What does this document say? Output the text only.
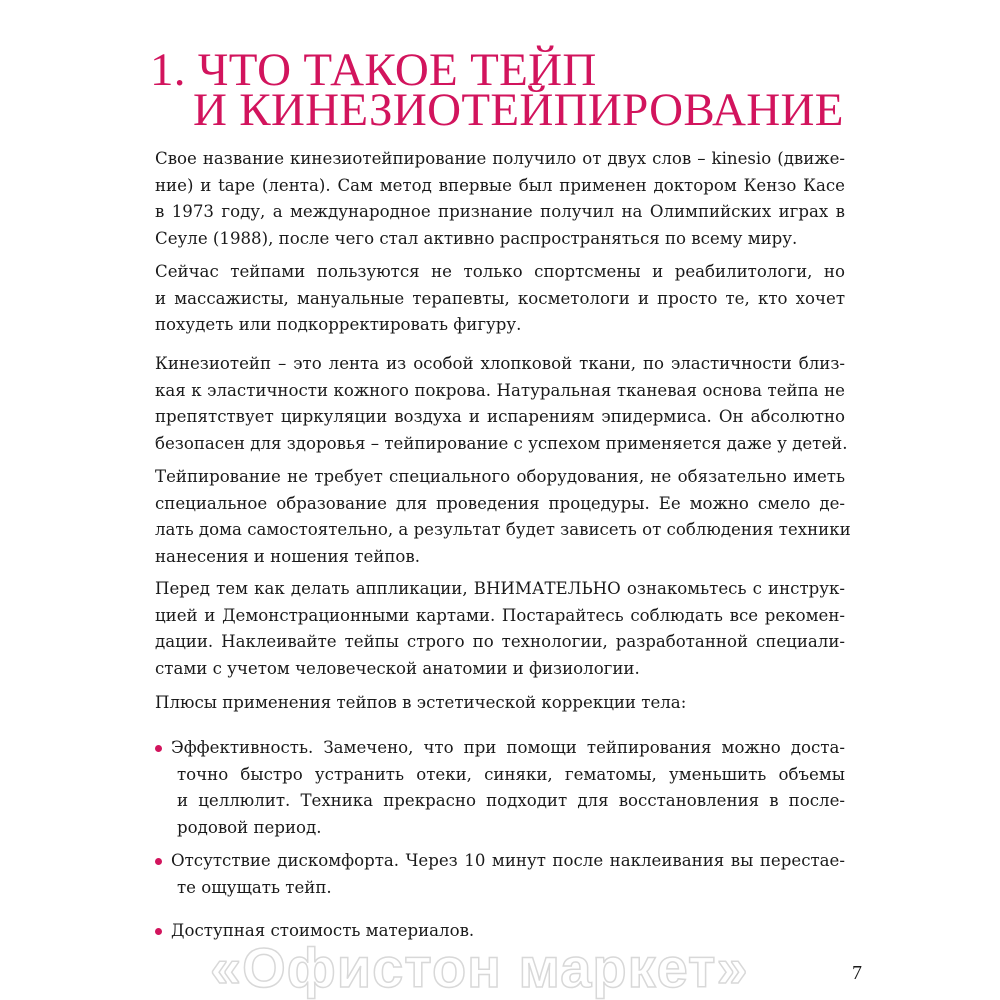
1. ЧТО ТАКОЕ ТЕЙП
И КИНЕЗИОТЕЙПИРОВАНИЕ
Свое название кинезиотейпирование получило от двух слов – kinesio (движе-
ние) и tape (лента). Сам метод впервые был применен доктором Кензо Касе
в 1973 году, а международное признание получил на Олимпийских играх в
Сеуле (1988), после чего стал активно распространяться по всему миру.
Сейчас тейпами пользуются не только спортсмены и реабилитологи, но
и массажисты, мануальные терапевты, косметологи и просто те, кто хочет
похудеть или подкорректировать фигуру.
Кинезиотейп – это лента из особой хлопковой ткани, по эластичности близ-
кая к эластичности кожного покрова. Натуральная тканевая основа тейпа не
препятствует циркуляции воздуха и испарениям эпидермиса. Он абсолютно
безопасен для здоровья – тейпирование с успехом применяется даже у детей.
Тейпирование не требует специального оборудования, не обязательно иметь
специальное образование для проведения процедуры. Ее можно смело де-
лать дома самостоятельно, а результат будет зависеть от соблюдения техники
нанесения и ношения тейпов.
Перед тем как делать аппликации, ВНИМАТЕЛЬНО ознакомьтесь с инструк-
цией и Демонстрационными картами. Постарайтесь соблюдать все рекомен-
дации. Наклеивайте тейпы строго по технологии, разработанной специали-
стами с учетом человеческой анатомии и физиологии.
Плюсы применения тейпов в эстетической коррекции тела:
Эффективность. Замечено, что при помощи тейпирования можно доста-
точно быстро устранить отеки, синяки, гематомы, уменьшить объемы
и целлюлит. Техника прекрасно подходит для восстановления в после-
родовой период.
Отсутствие дискомфорта. Через 10 минут после наклеивания вы перестае-
те ощущать тейп.
Доступная стоимость материалов.
«Офистон маркет»	7
